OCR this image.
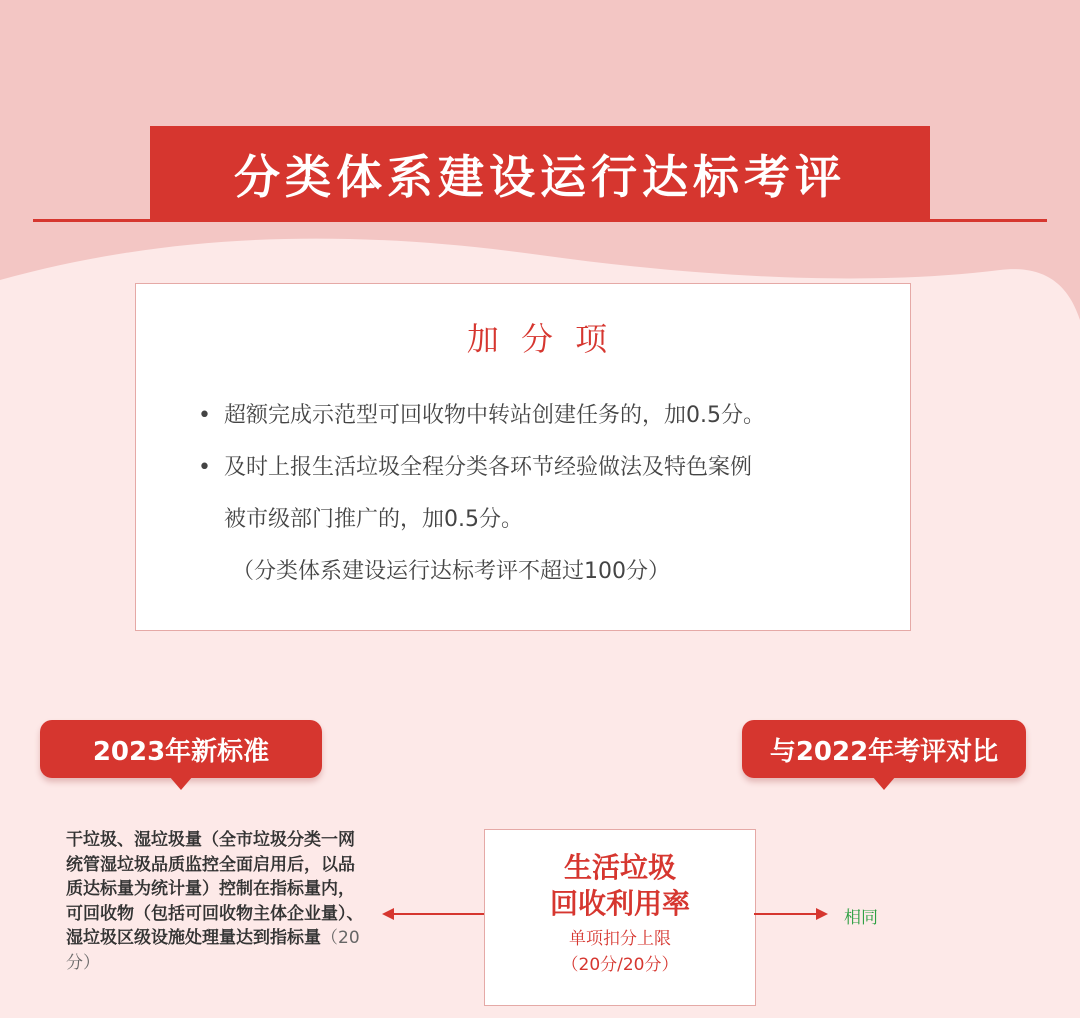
分类体系建设运行达标考评
加 分 项
• 超额完成示范型可回收物中转站创建任务的，加0.5分。
• 及时上报生活垃圾全程分类各环节经验做法及特色案例
被市级部门推广的，加0.5分。
（分类体系建设运行达标考评不超过100分）
2023年新标准	与2022年考评对比
干垃圾、湿垃圾量（全市垃圾分类一网统管湿垃圾品质监控全面启用后，以品质达标量为统计量）控制在指标量内，可回收物（包括可回收物主体企业量）、湿垃圾区级设施处理量达到指标量（20分）
生活垃圾
回收利用率
单项扣分上限
（20分/20分）
相同
